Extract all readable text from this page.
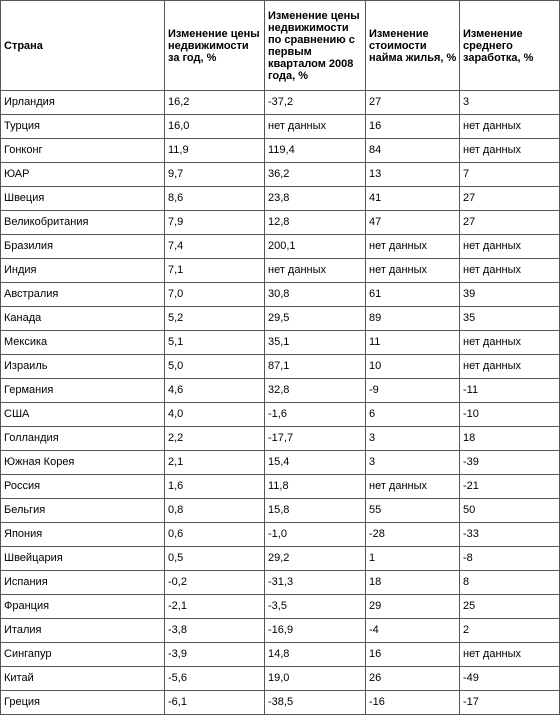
Страна	Изменение цены недвижимости за год, %	Изменение цены недвижимости по сравнению с первым кварталом 2008 года, %	Изменение стоимости найма жилья, %	Изменение среднего заработка, %
Ирландия	16,2	-37,2	27	3
Турция	16,0	нет данных	16	нет данных
Гонконг	11,9	119,4	84	нет данных
ЮАР	9,7	36,2	13	7
Швеция	8,6	23,8	41	27
Великобритания	7,9	12,8	47	27
Бразилия	7,4	200,1	нет данных	нет данных
Индия	7,1	нет данных	нет данных	нет данных
Австралия	7,0	30,8	61	39
Канада	5,2	29,5	89	35
Мексика	5,1	35,1	11	нет данных
Израиль	5,0	87,1	10	нет данных
Германия	4,6	32,8	-9	-11
США	4,0	-1,6	6	-10
Голландия	2,2	-17,7	3	18
Южная Корея	2,1	15,4	3	-39
Россия	1,6	11,8	нет данных	-21
Бельгия	0,8	15,8	55	50
Япония	0,6	-1,0	-28	-33
Швейцария	0,5	29,2	1	-8
Испания	-0,2	-31,3	18	8
Франция	-2,1	-3,5	29	25
Италия	-3,8	-16,9	-4	2
Сингапур	-3,9	14,8	16	нет данных
Китай	-5,6	19,0	26	-49
Греция	-6,1	-38,5	-16	-17
